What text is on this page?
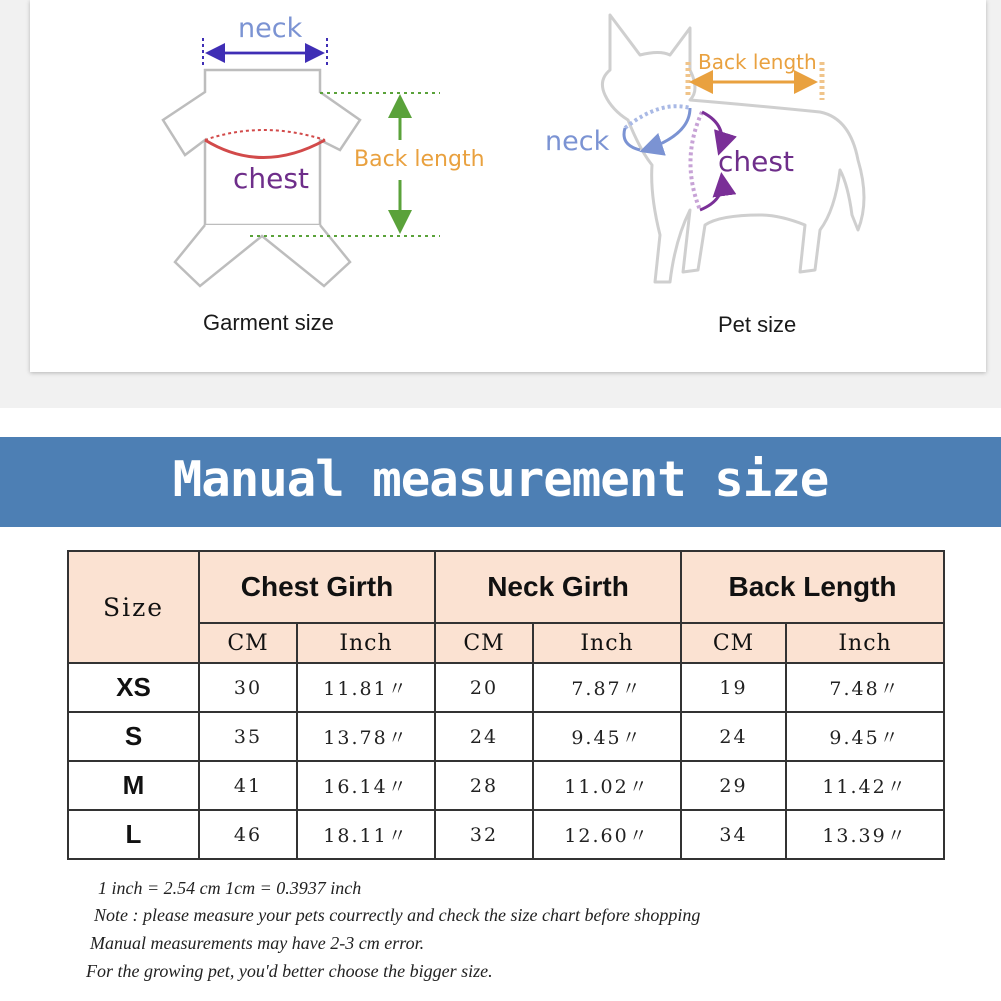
neck
chest
Back length
Back length
neck
chest
Garment size	Pet size
Manual measurement size
Size	Chest Girth		Neck Girth		Back Length	
	CM	Inch	CM	Inch	CM	Inch
XS	30	11.81〃	20	7.87〃	19	7.48〃
S	35	13.78〃	24	9.45〃	24	9.45〃
M	41	16.14〃	28	11.02〃	29	11.42〃
L	46	18.11〃	32	12.60〃	34	13.39〃
1 inch = 2.54 cm 1cm = 0.3937 inch
Note : please measure your pets courrectly and check the size chart before shopping
Manual measurements may have 2-3 cm error.
For the growing pet, you'd better choose the bigger size.
